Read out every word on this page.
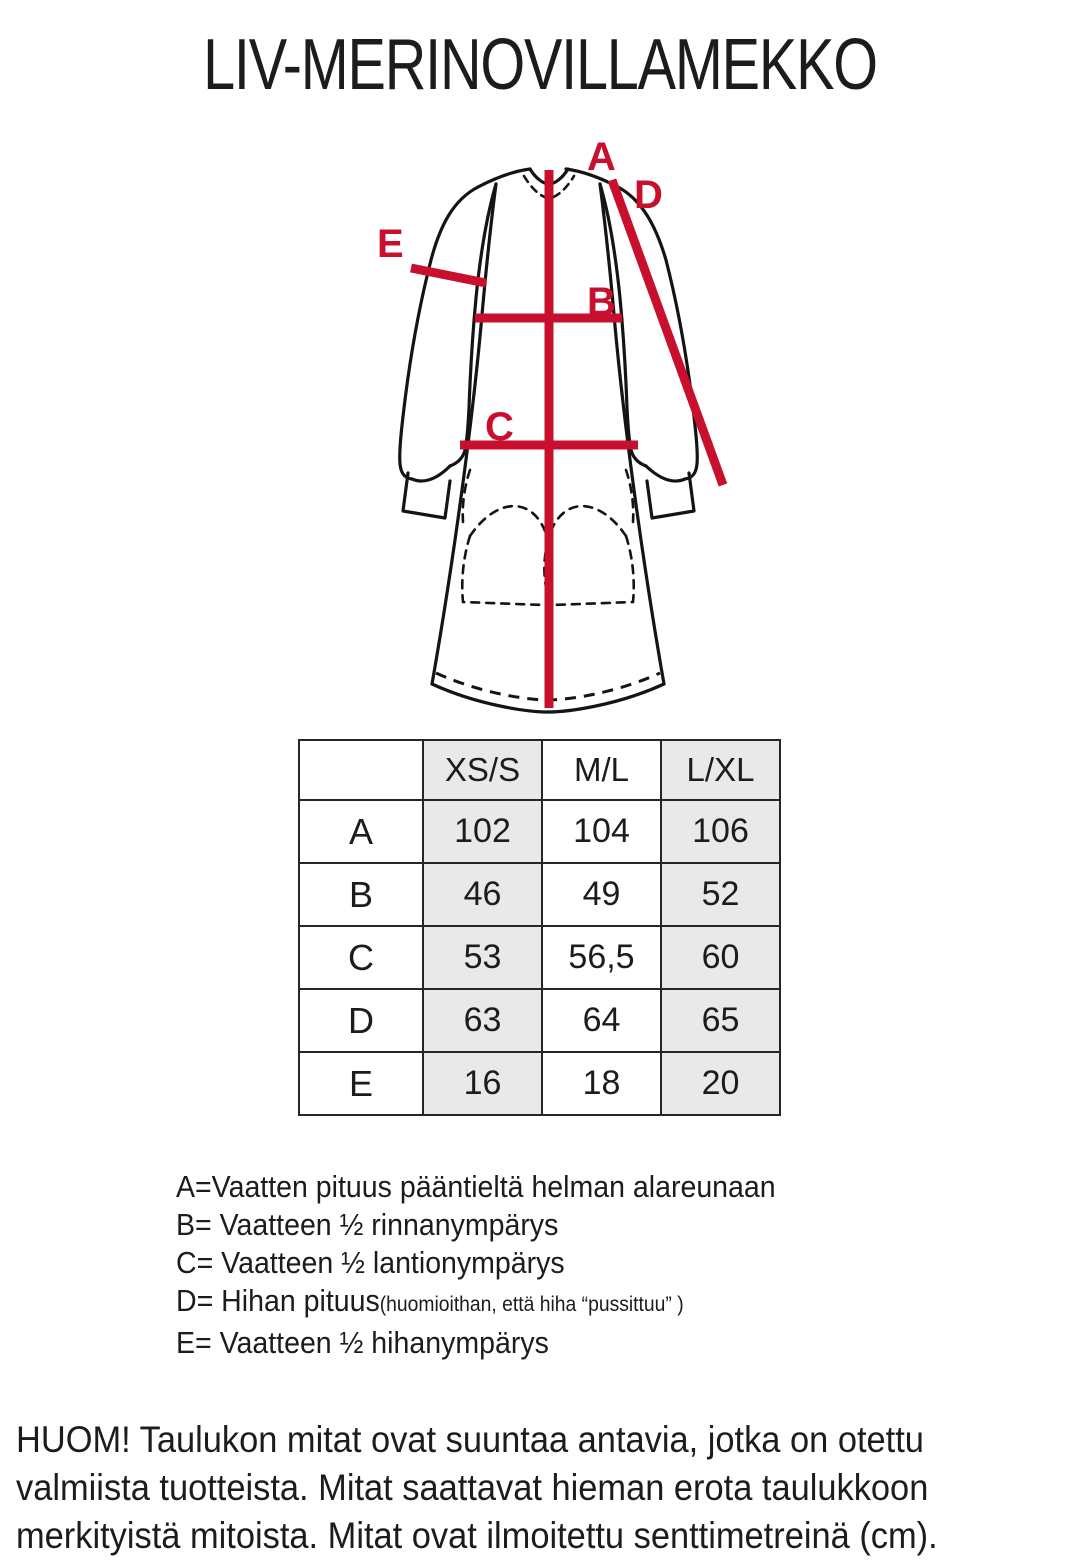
LIV-MERINOVILLAMEKKO
A
D
E
B
C
	XS/S	M/L	L/XL
A	102	104	106
B	46	49	52
C	53	56,5	60
D	63	64	65
E	16	18	20
A=Vaatten pituus pääntieltä helman alareunaan
B= Vaatteen ½ rinnanympärys
C= Vaatteen ½ lantionympärys
D= Hihan pituus(huomioithan, että hiha “pussittuu” )
E= Vaatteen ½ hihanympärys
HUOM! Taulukon mitat ovat suuntaa antavia, jotka on otettu valmiista tuotteista. Mitat saattavat hieman erota taulukkoon merkityistä mitoista. Mitat ovat ilmoitettu senttimetreinä (cm).
